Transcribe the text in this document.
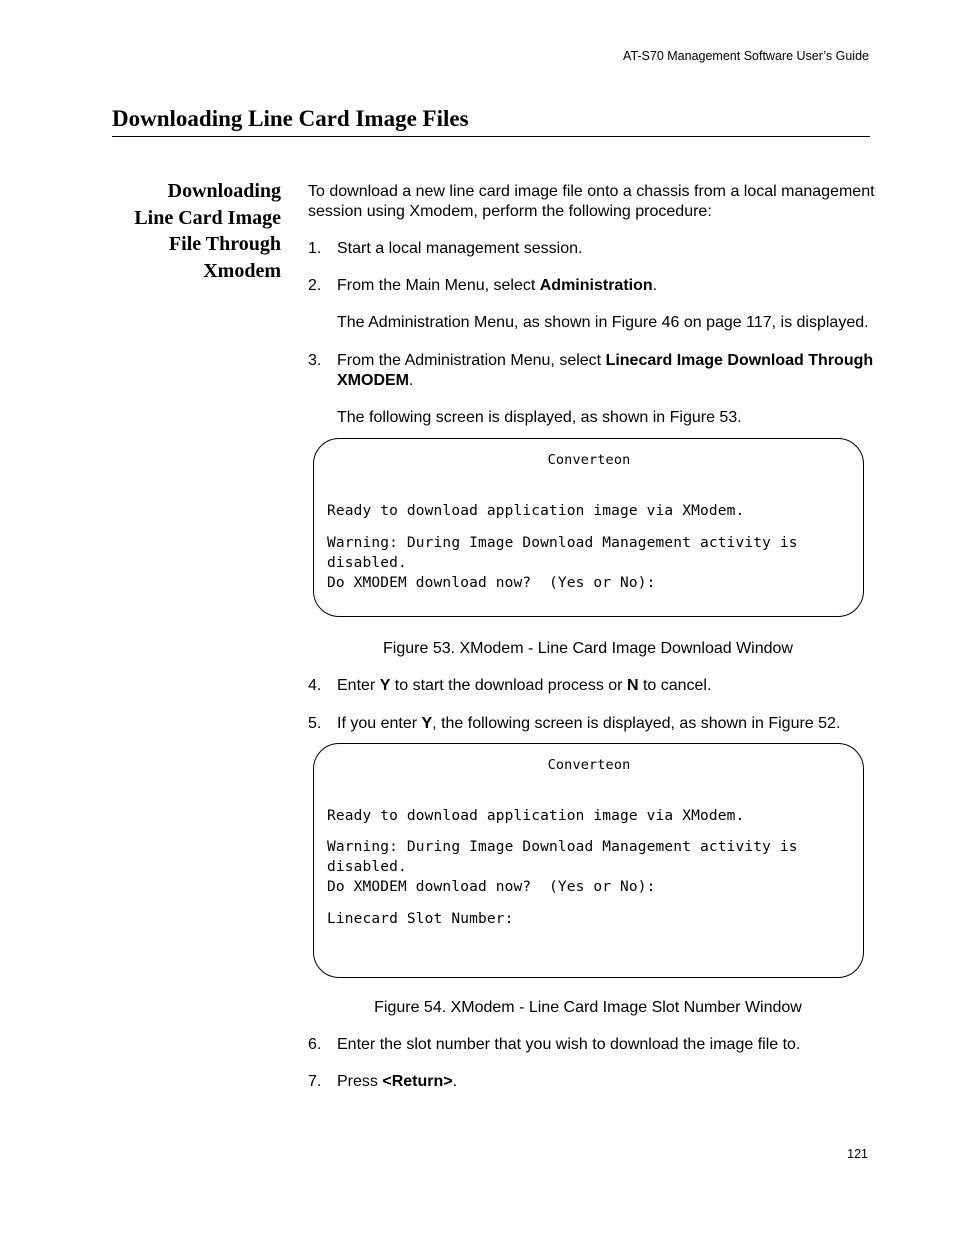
AT-S70 Management Software User’s Guide
Downloading Line Card Image Files
Downloading
Line Card Image
File Through
Xmodem

To download a new line card image file onto a chassis from a local management session using Xmodem, perform the following procedure:

1. Start a local management session.

2. From the Main Menu, select Administration.

The Administration Menu, as shown in Figure 46 on page 117, is displayed.

3. From the Administration Menu, select Linecard Image Download Through XMODEM.

The following screen is displayed, as shown in Figure 53.

Converteon
Ready to download application image via XModem.
Warning: During Image Download Management activity is
disabled.
Do XMODEM download now?  (Yes or No):

Figure 53. XModem - Line Card Image Download Window

4. Enter Y to start the download process or N to cancel.

5. If you enter Y, the following screen is displayed, as shown in Figure 52.

Converteon
Ready to download application image via XModem.
Warning: During Image Download Management activity is
disabled.
Do XMODEM download now?  (Yes or No):
Linecard Slot Number:

Figure 54. XModem - Line Card Image Slot Number Window

6. Enter the slot number that you wish to download the image file to.

7. Press <Return>.

121
